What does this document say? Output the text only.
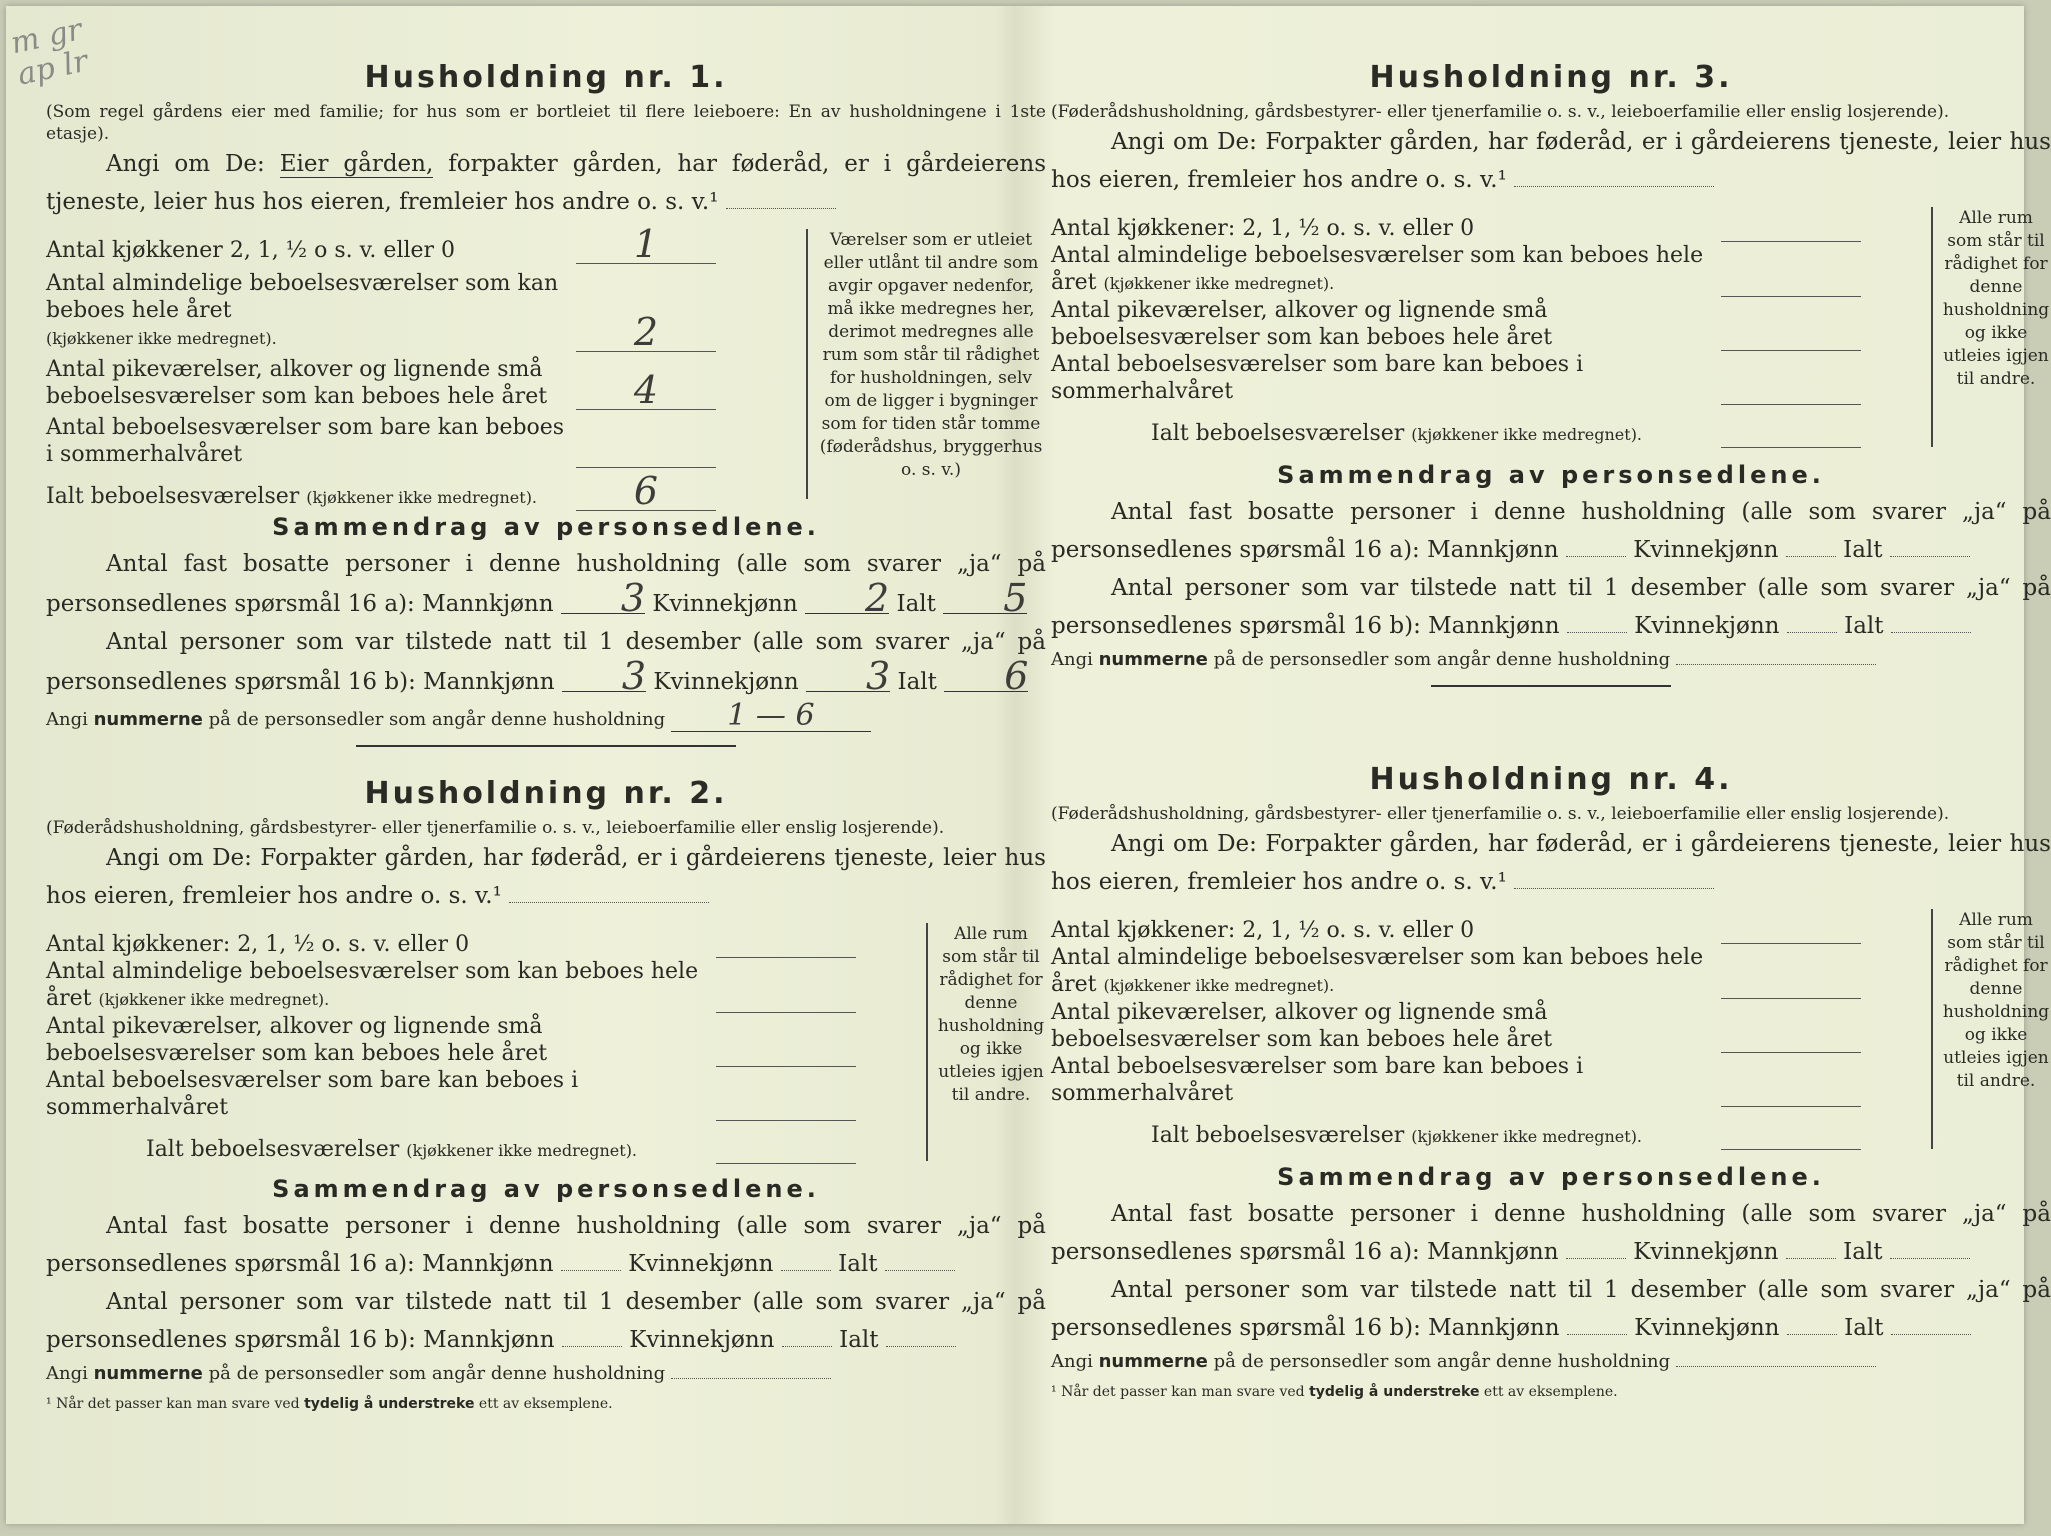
m gr ap lr	Husholdning nr. 1.

(Som regel gårdens eier med familie; for hus som er bortleiet til flere leieboere: En av husholdningene i 1ste etasje).

Angi om De: Eier gården, forpakter gården, har føderåd, er i gårdeierens tjeneste, leier hus hos eieren, fremleier hos andre o. s. v.¹

Antal kjøkkener 2, 1, ½ o s. v. eller 0	1
Antal almindelige beboelsesværelser som kan beboes hele året
(kjøkkener ikke medregnet).	2
Antal pikeværelser, alkover og lignende små beboelsesværelser som kan beboes hele året	4
Antal beboelsesværelser som bare kan beboes i sommerhalvåret
Ialt beboelsesværelser (kjøkkener ikke medregnet).	6
Værelser som er utleiet eller utlånt til andre som avgir opgaver nedenfor, må ikke medregnes her, derimot medregnes alle rum som står til rådighet for husholdningen, selv om de ligger i bygninger som for tiden står tomme (føderådshus, bryggerhus o. s. v.)
Sammendrag av personsedlene.

Antal fast bosatte personer i denne husholdning (alle som svarer „ja“ på personsedlenes spørsmål 16 a): Mannkjønn 3 Kvinnekjønn 2 Ialt 5

Antal personer som var tilstede natt til 1 desember (alle som svarer „ja“ på personsedlenes spørsmål 16 b): Mannkjønn 3 Kvinnekjønn 3 Ialt 6

Angi nummerne på de personsedler som angår denne husholdning 1 — 6
Husholdning nr. 2.

(Føderådshusholdning, gårdsbestyrer- eller tjenerfamilie o. s. v., leieboerfamilie eller enslig losjerende).

Angi om De: Forpakter gården, har føderåd, er i gårdeierens tjeneste, leier hus hos eieren, fremleier hos andre o. s. v.¹

Antal kjøkkener: 2, 1, ½ o. s. v. eller 0
Antal almindelige beboelsesværelser som kan beboes hele året (kjøkkener ikke medregnet).
Antal pikeværelser, alkover og lignende små beboelsesværelser som kan beboes hele året
Antal beboelsesværelser som bare kan beboes i sommerhalvåret
Ialt beboelsesværelser (kjøkkener ikke medregnet).
Alle rum som står til rådighet for denne husholdning og ikke utleies igjen til andre.
Sammendrag av personsedlene.

Antal fast bosatte personer i denne husholdning (alle som svarer „ja“ på personsedlenes spørsmål 16 a): Mannkjønn	Kvinnekjønn	Ialt

Antal personer som var tilstede natt til 1 desember (alle som svarer „ja“ på personsedlenes spørsmål 16 b): Mannkjønn	Kvinnekjønn	Ialt

Angi nummerne på de personsedler som angår denne husholdning
¹ Når det passer kan man svare ved tydelig å understreke ett av eksemplene.
Husholdning nr. 3.

(Føderådshusholdning, gårdsbestyrer- eller tjenerfamilie o. s. v., leieboerfamilie eller enslig losjerende).

Angi om De: Forpakter gården, har føderåd, er i gårdeierens tjeneste, leier hus hos eieren, fremleier hos andre o. s. v.¹

Antal kjøkkener: 2, 1, ½ o. s. v. eller 0
Antal almindelige beboelsesværelser som kan beboes hele året (kjøkkener ikke medregnet).
Antal pikeværelser, alkover og lignende små beboelsesværelser som kan beboes hele året
Antal beboelsesværelser som bare kan beboes i sommerhalvåret
Ialt beboelsesværelser (kjøkkener ikke medregnet).
Alle rum som står til rådighet for denne husholdning og ikke utleies igjen til andre.
Sammendrag av personsedlene.

Antal fast bosatte personer i denne husholdning (alle som svarer „ja“ på personsedlenes spørsmål 16 a): Mannkjønn	Kvinnekjønn	Ialt

Antal personer som var tilstede natt til 1 desember (alle som svarer „ja“ på personsedlenes spørsmål 16 b): Mannkjønn	Kvinnekjønn	Ialt

Angi nummerne på de personsedler som angår denne husholdning
Husholdning nr. 4.

(Føderådshusholdning, gårdsbestyrer- eller tjenerfamilie o. s. v., leieboerfamilie eller enslig losjerende).

Angi om De: Forpakter gården, har føderåd, er i gårdeierens tjeneste, leier hus hos eieren, fremleier hos andre o. s. v.¹

Antal kjøkkener: 2, 1, ½ o. s. v. eller 0
Antal almindelige beboelsesværelser som kan beboes hele året (kjøkkener ikke medregnet).
Antal pikeværelser, alkover og lignende små beboelsesværelser som kan beboes hele året
Antal beboelsesværelser som bare kan beboes i sommerhalvåret
Ialt beboelsesværelser (kjøkkener ikke medregnet).
Alle rum som står til rådighet for denne husholdning og ikke utleies igjen til andre.
Sammendrag av personsedlene.

Antal fast bosatte personer i denne husholdning (alle som svarer „ja“ på personsedlenes spørsmål 16 a): Mannkjønn	Kvinnekjønn	Ialt

Antal personer som var tilstede natt til 1 desember (alle som svarer „ja“ på personsedlenes spørsmål 16 b): Mannkjønn	Kvinnekjønn	Ialt

Angi nummerne på de personsedler som angår denne husholdning
¹ Når det passer kan man svare ved tydelig å understreke ett av eksemplene.
